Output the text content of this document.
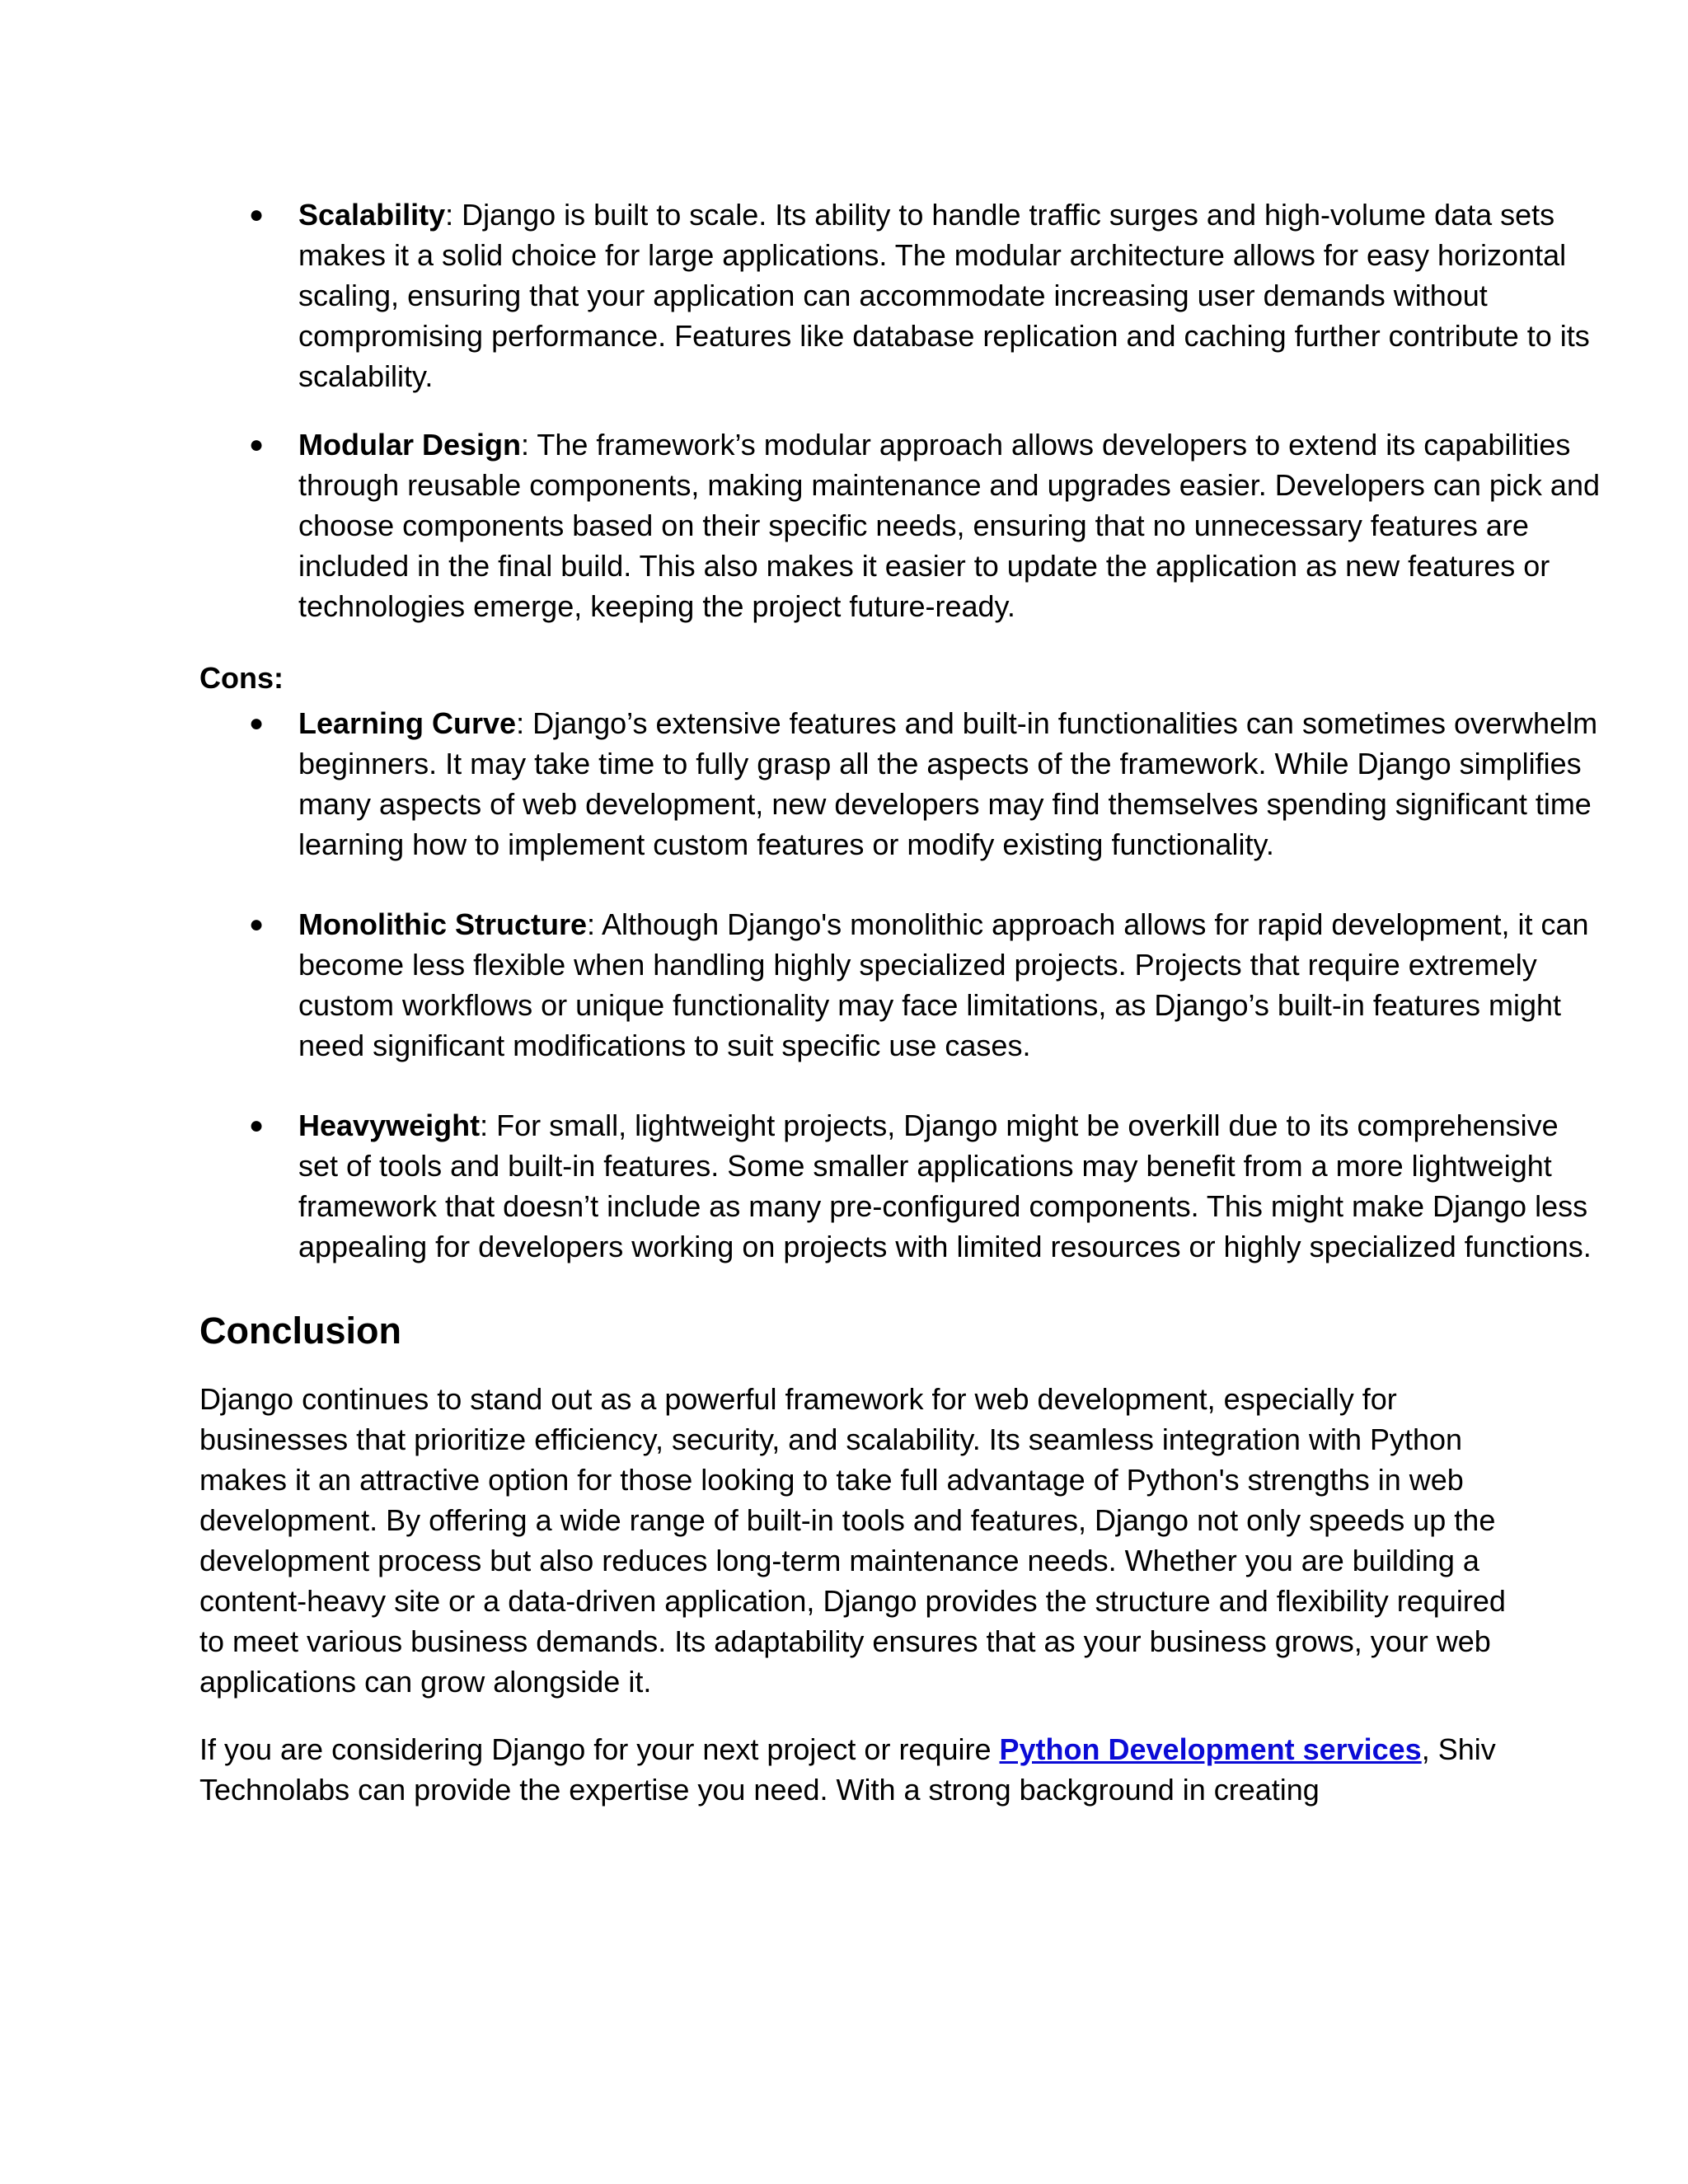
● Scalability: Django is built to scale. Its ability to handle traffic surges and high-volume data sets makes it a solid choice for large applications. The modular architecture allows for easy horizontal scaling, ensuring that your application can accommodate increasing user demands without compromising performance. Features like database replication and caching further contribute to its scalability.
● Modular Design: The framework’s modular approach allows developers to extend its capabilities through reusable components, making maintenance and upgrades easier. Developers can pick and choose components based on their specific needs, ensuring that no unnecessary features are included in the final build. This also makes it easier to update the application as new features or technologies emerge, keeping the project future-ready.
Cons:
● Learning Curve: Django’s extensive features and built-in functionalities can sometimes overwhelm beginners. It may take time to fully grasp all the aspects of the framework. While Django simplifies many aspects of web development, new developers may find themselves spending significant time learning how to implement custom features or modify existing functionality.
● Monolithic Structure: Although Django's monolithic approach allows for rapid development, it can become less flexible when handling highly specialized projects. Projects that require extremely custom workflows or unique functionality may face limitations, as Django’s built-in features might need significant modifications to suit specific use cases.
● Heavyweight: For small, lightweight projects, Django might be overkill due to its comprehensive set of tools and built-in features. Some smaller applications may benefit from a more lightweight framework that doesn’t include as many pre-configured components. This might make Django less appealing for developers working on projects with limited resources or highly specialized functions.
Conclusion

Django continues to stand out as a powerful framework for web development, especially for businesses that prioritize efficiency, security, and scalability. Its seamless integration with Python makes it an attractive option for those looking to take full advantage of Python's strengths in web development. By offering a wide range of built-in tools and features, Django not only speeds up the development process but also reduces long-term maintenance needs. Whether you are building a content-heavy site or a data-driven application, Django provides the structure and flexibility required to meet various business demands. Its adaptability ensures that as your business grows, your web applications can grow alongside it.

If you are considering Django for your next project or require Python Development services, Shiv Technolabs can provide the expertise you need. With a strong background in creating
